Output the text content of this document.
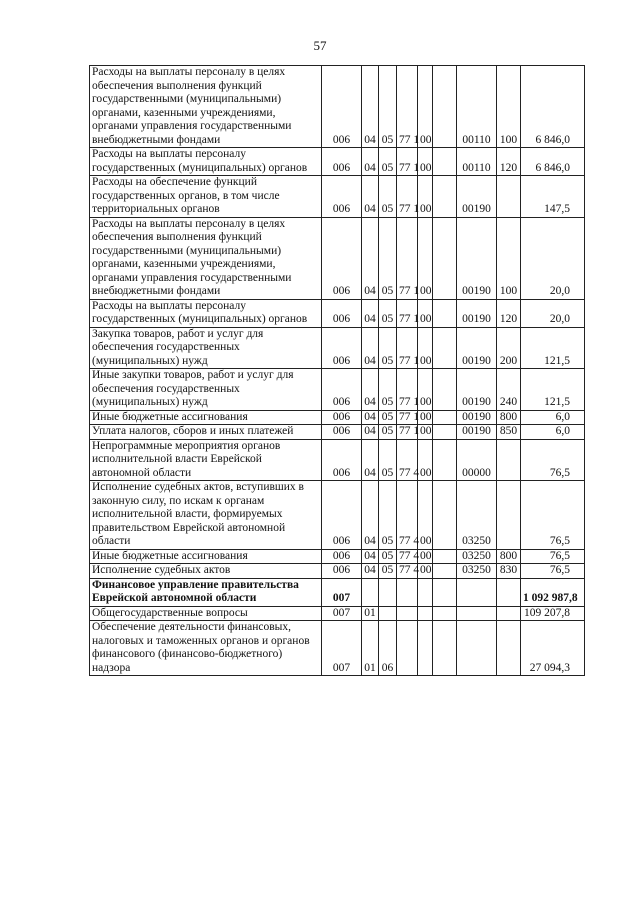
57
Расходы на выплаты персоналу в целях обеспечения выполнения функций государственными (муниципальными) органами, казенными учреждениями, органами управления государственными внебюджетными фондами	006	04	05	77 1	00		00110	100	6 846,0
Расходы на выплаты персоналу государственных (муниципальных) органов	006	04	05	77 1	00		00110	120	6 846,0
Расходы на обеспечение функций государственных органов, в том числе территориальных органов	006	04	05	77 1	00		00190		147,5
Расходы на выплаты персоналу в целях обеспечения выполнения функций государственными (муниципальными) органами, казенными учреждениями, органами управления государственными внебюджетными фондами	006	04	05	77 1	00		00190	100	20,0
Расходы на выплаты персоналу государственных (муниципальных) органов	006	04	05	77 1	00		00190	120	20,0
Закупка товаров, работ и услуг для обеспечения государственных (муниципальных) нужд	006	04	05	77 1	00		00190	200	121,5
Иные закупки товаров, работ и услуг для обеспечения государственных (муниципальных) нужд	006	04	05	77 1	00		00190	240	121,5
Иные бюджетные ассигнования	006	04	05	77 1	00		00190	800	6,0
Уплата налогов, сборов и иных платежей	006	04	05	77 1	00		00190	850	6,0
Непрограммные мероприятия органов исполнительной власти Еврейской автономной области	006	04	05	77 4	00		00000		76,5
Исполнение судебных актов, вступивших в законную силу, по искам к органам исполнительной власти, формируемых правительством Еврейской автономной области	006	04	05	77 4	00		03250		76,5
Иные бюджетные ассигнования	006	04	05	77 4	00		03250	800	76,5
Исполнение судебных актов	006	04	05	77 4	00		03250	830	76,5
Финансовое управление правительства Еврейской автономной области	007								1 092 987,8
Общегосударственные вопросы	007	01							109 207,8
Обеспечение деятельности финансовых, налоговых и таможенных органов и органов финансового (финансово-бюджетного) надзора	007	01	06						27 094,3
